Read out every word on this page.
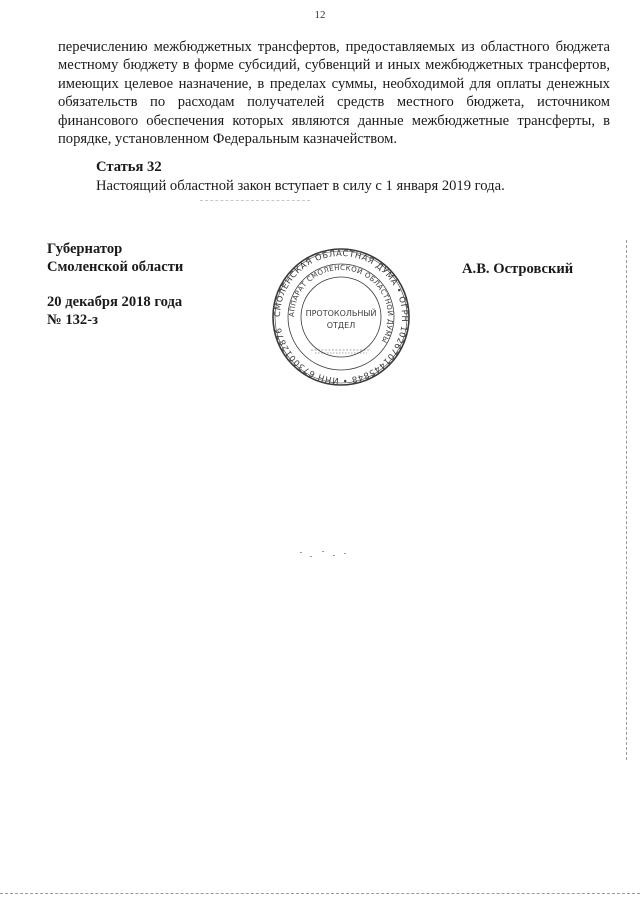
12

перечислению межбюджетных трансфертов, предоставляемых из областного бюджета местному бюджету в форме субсидий, субвенций и иных межбюджетных трансфертов, имеющих целевое назначение, в пределах суммы, необходимой для оплаты денежных обязательств по расходам получателей средств местного бюджета, источником финансового обеспечения которых являются данные межбюджетные трансферты, в порядке, установленном Федеральным казначейством.

Статья 32
Настоящий областной закон вступает в силу с 1 января 2019 года.
Губернатор
Смоленской области	А.В. Островский
20 декабря 2018 года
№ 132-з	СМОЛЕНСКАЯ ОБЛАСТНАЯ ДУМА • ОГРН 1026701445848 • ИНН 6730012876
АППАРАТ СМОЛЕНСКОЙ ОБЛАСТНОЙ ДУМЫ
ПРОТОКОЛЬНЫЙ
ОТДЕЛ
